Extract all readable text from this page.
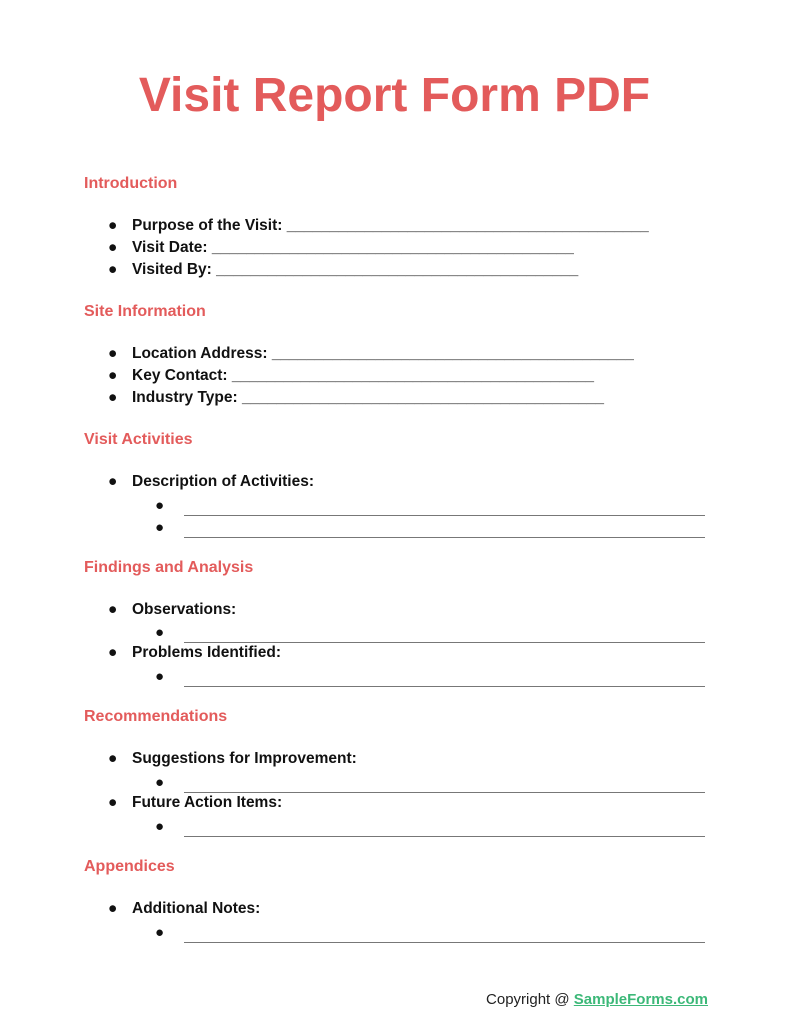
Visit Report Form PDF
Introduction
● Purpose of the Visit: __________________________________________
● Visit Date: __________________________________________
● Visited By: __________________________________________
Site Information
● Location Address: __________________________________________
● Key Contact: __________________________________________
● Industry Type: __________________________________________
Visit Activities
● Description of Activities:
●
●
Findings and Analysis
● Observations:
●
● Problems Identified:
●
Recommendations
● Suggestions for Improvement:
●
● Future Action Items:
●
Appendices
● Additional Notes:
●
Copyright @ SampleForms.com
